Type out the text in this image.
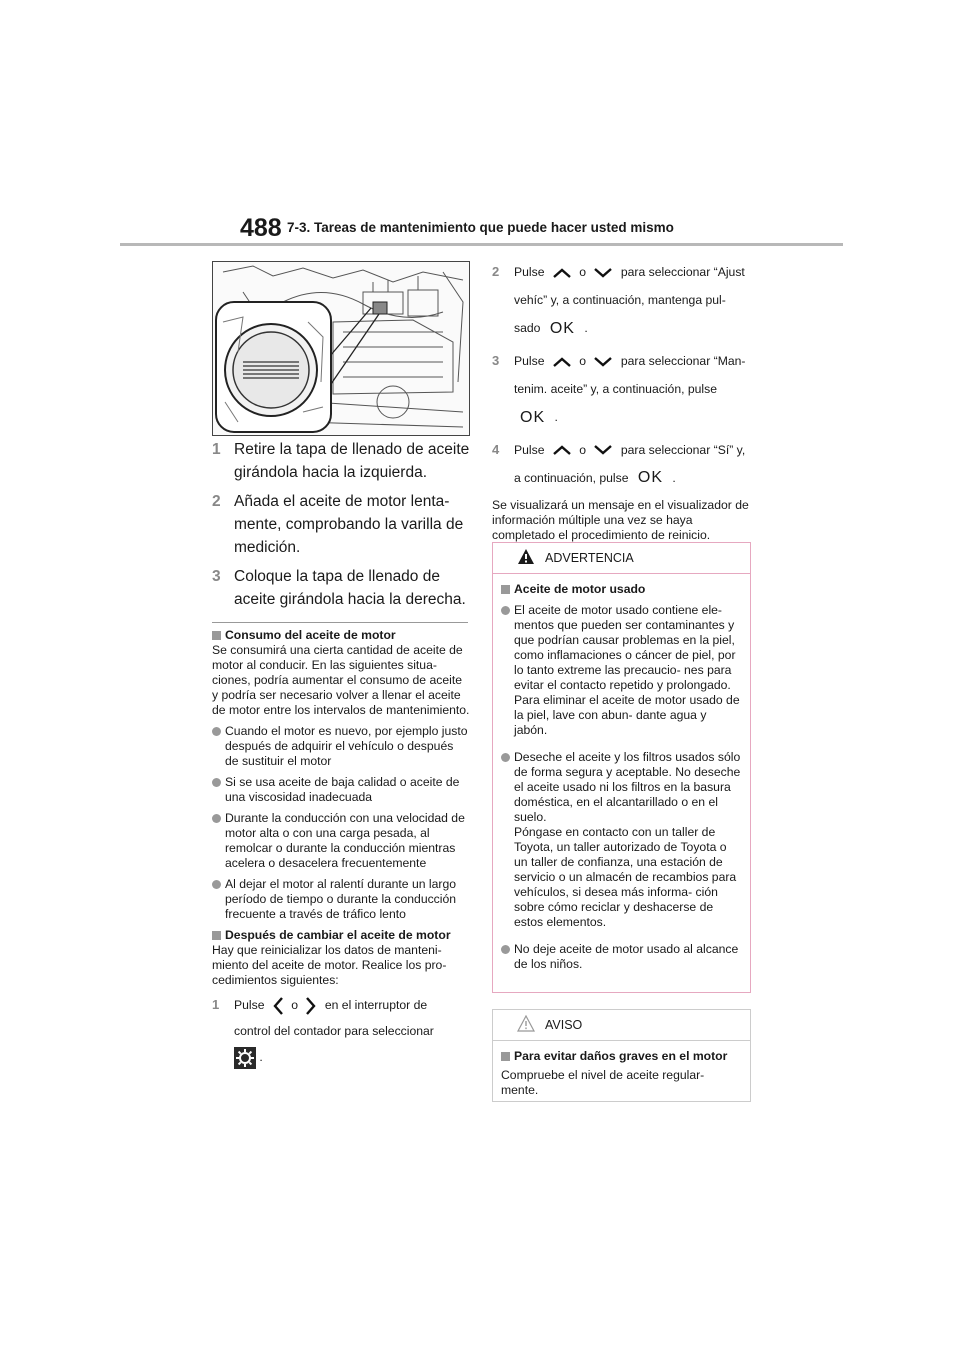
488 7-3. Tareas de mantenimiento que puede hacer usted mismo
1 Retire la tapa de llenado de aceite girándola hacia la izquierda.
2 Añada el aceite de motor lenta- mente, comprobando la varilla de medición.
3 Coloque la tapa de llenado de aceite girándola hacia la derecha.
Consumo del aceite de motor

Se consumirá una cierta cantidad de aceite de motor al conducir. En las siguientes situa- ciones, podría aumentar el consumo de aceite y podría ser necesario volver a llenar el aceite de motor entre los intervalos de mantenimiento.

Cuando el motor es nuevo, por ejemplo justo después de adquirir el vehículo o después de sustituir el motor
Si se usa aceite de baja calidad o aceite de una viscosidad inadecuada
Durante la conducción con una velocidad de motor alta o con una carga pesada, al remolcar o durante la conducción mientras acelera o desacelera frecuentemente
Al dejar el motor al ralentí durante un largo período de tiempo o durante la conducción frecuente a través de tráfico lento
Después de cambiar el aceite de motor

Hay que reinicializar los datos de manteni- miento del aceite de motor. Realice los pro- cedimientos siguientes:

1 Pulse o en el interruptor de
control del contador para seleccionar
.
2 Pulse	o	para seleccionar “Ajust
vehíc” y, a continuación, mantenga pul-
sado OK .
3 Pulse	o	para seleccionar “Man-
tenim. aceite” y, a continuación, pulse
OK .
4 Pulse	o	para seleccionar “Sí” y,
a continuación, pulse OK .

Se visualizará un mensaje en el visualizador de información múltiple una vez se haya completado el procedimiento de reinicio.

ADVERTENCIA
Aceite de motor usado
El aceite de motor usado contiene ele- mentos que pueden ser contaminantes y que podrían causar problemas en la piel, como inflamaciones o cáncer de piel, por lo tanto extreme las precaucio- nes para evitar el contacto repetido y prolongado. Para eliminar el aceite de motor usado de la piel, lave con abun- dante agua y jabón.
Deseche el aceite y los filtros usados sólo de forma segura y aceptable. No deseche el aceite usado ni los filtros en la basura doméstica, en el alcantarillado o en el suelo.
Póngase en contacto con un taller de Toyota, un taller autorizado de Toyota o un taller de confianza, una estación de servicio o un almacén de recambios para vehículos, si desea más informa- ción sobre cómo reciclar y deshacerse de estos elementos.
No deje aceite de motor usado al alcance de los niños.
AVISO
Para evitar daños graves en el motor

Compruebe el nivel de aceite regular- mente.
